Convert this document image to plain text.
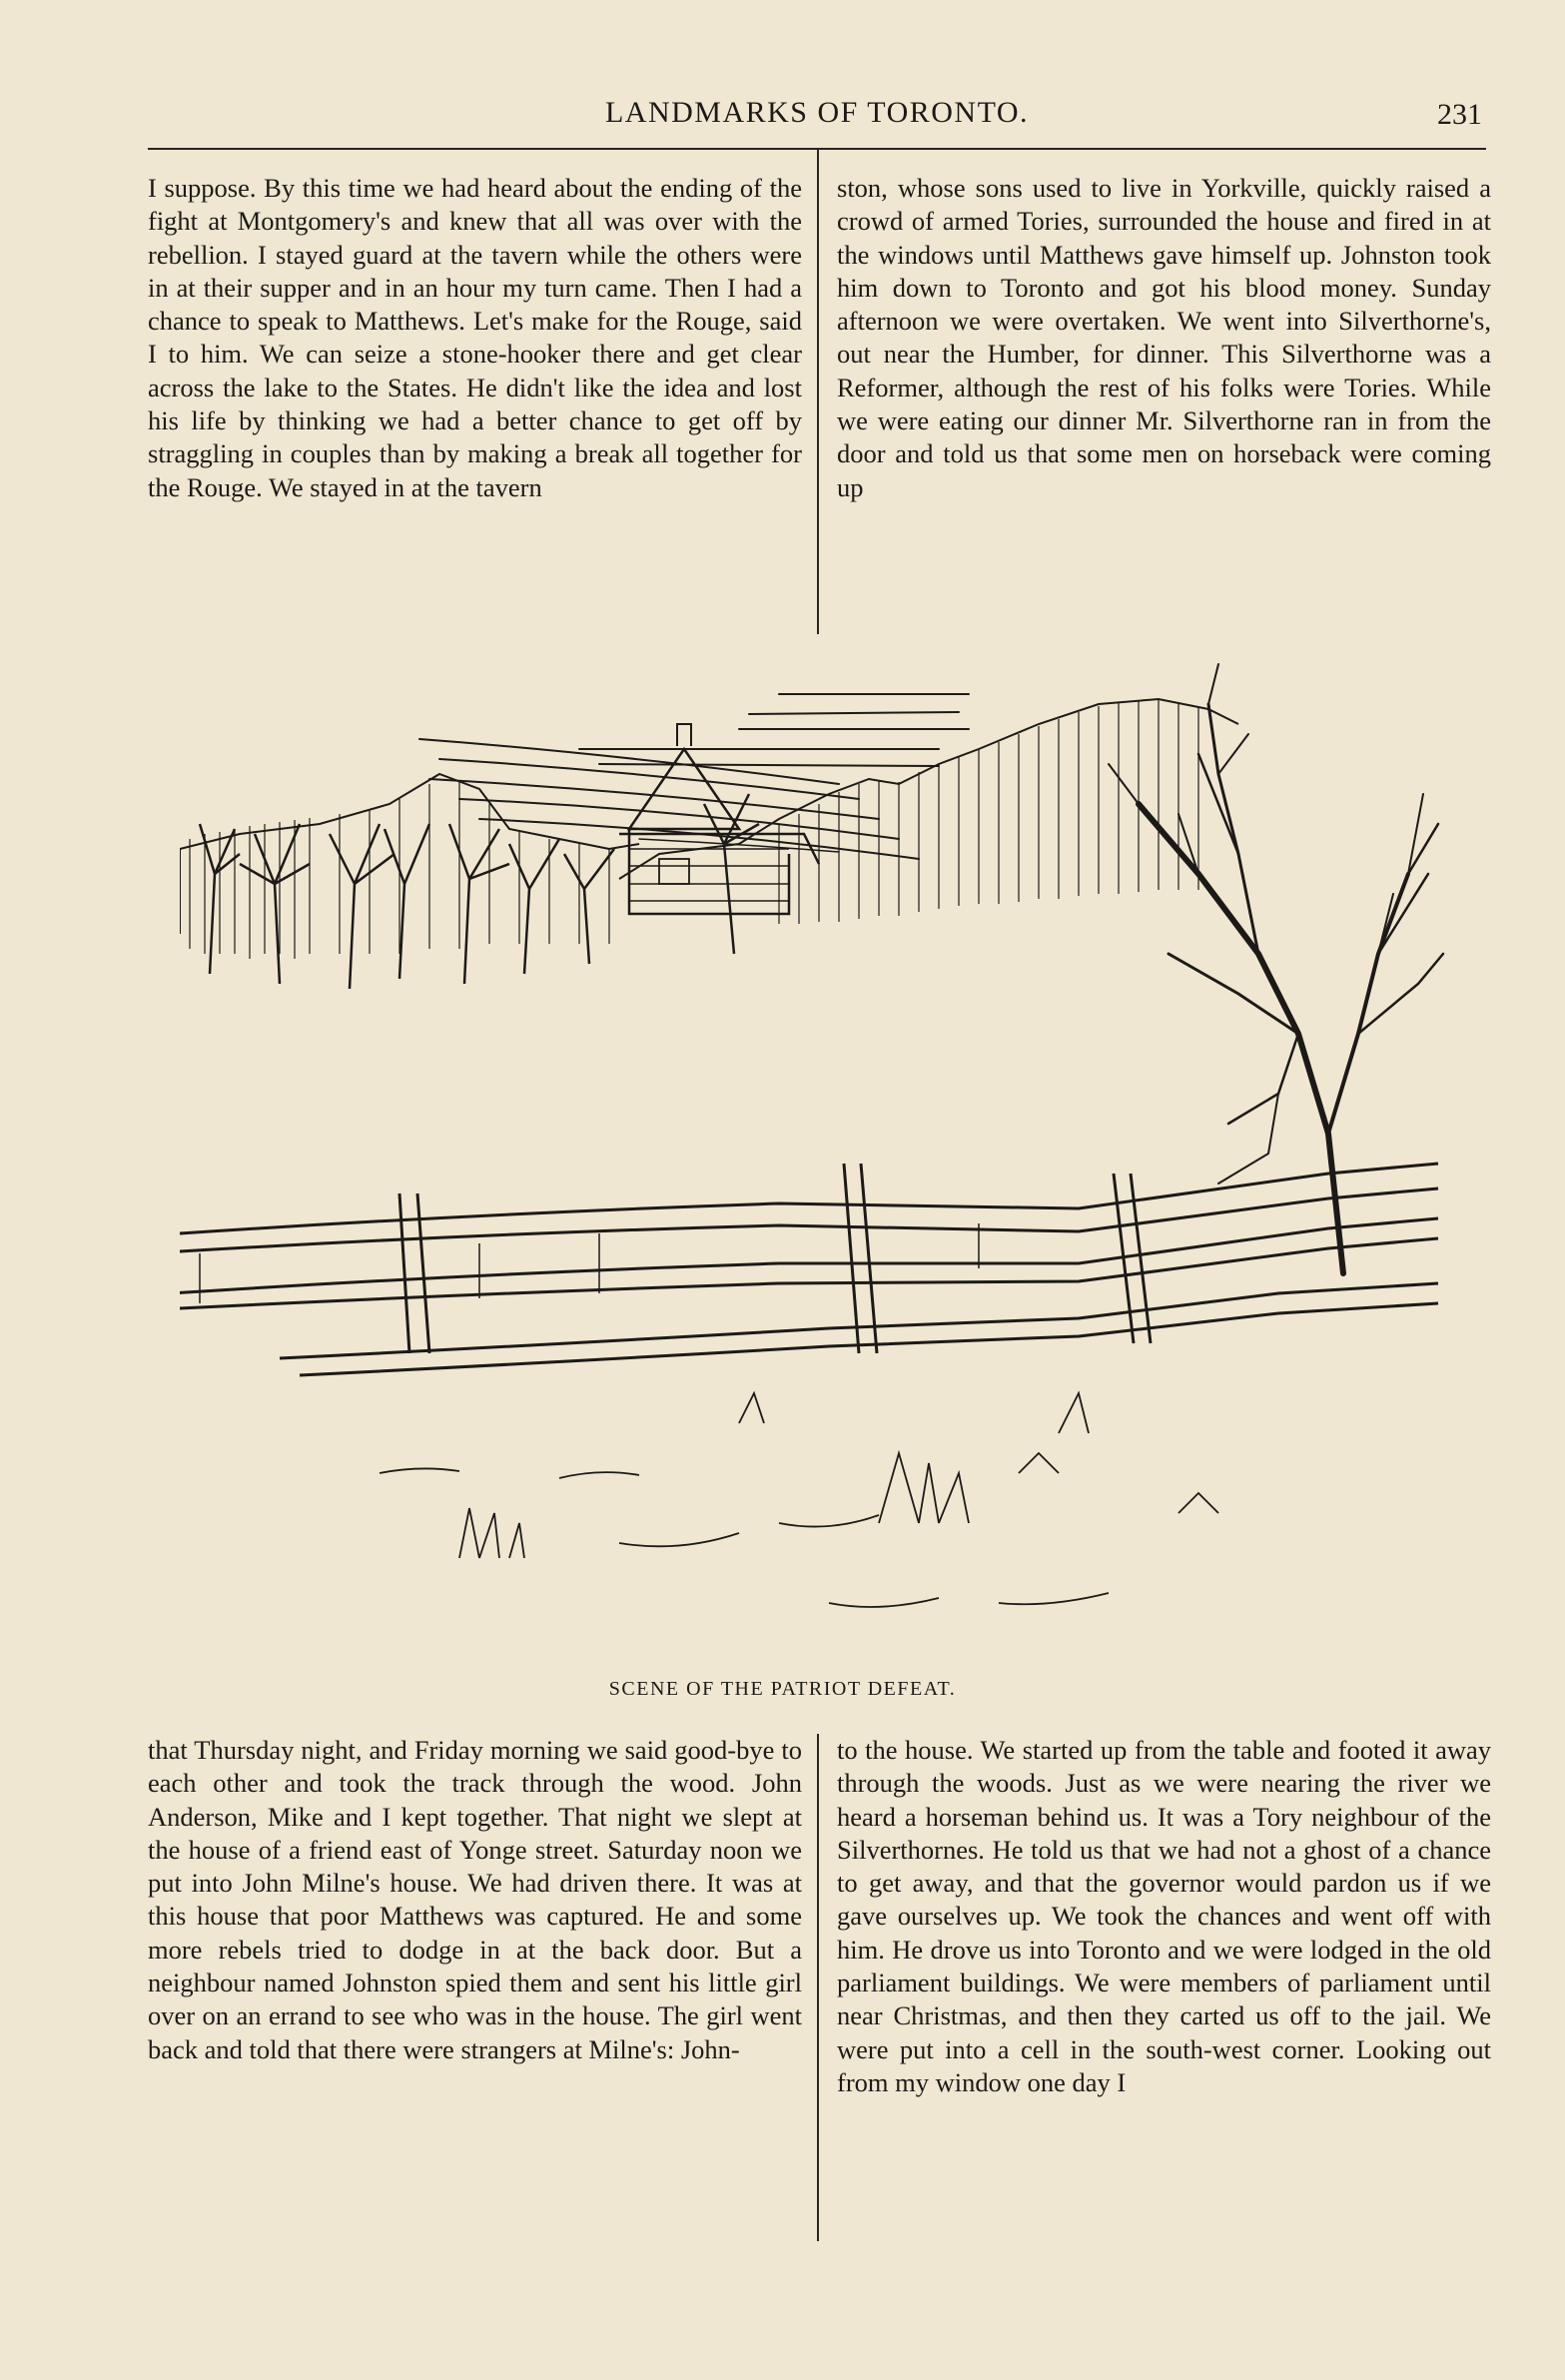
LANDMARKS OF TORONTO.	231

I suppose. By this time we had heard about the ending of the fight at Montgomery's and knew that all was over with the rebellion. I stayed guard at the tavern while the others were in at their supper and in an hour my turn came. Then I had a chance to speak to Matthews. Let's make for the Rouge, said I to him. We can seize a stone-hooker there and get clear across the lake to the States. He didn't like the idea and lost his life by thinking we had a better chance to get off by straggling in couples than by making a break all together for the Rouge. We stayed in at the tavern

ston, whose sons used to live in Yorkville, quickly raised a crowd of armed Tories, surrounded the house and fired in at the windows until Matthews gave himself up. Johnston took him down to Toronto and got his blood money. Sunday afternoon we were overtaken. We went into Silverthorne's, out near the Humber, for dinner. This Silverthorne was a Reformer, although the rest of his folks were Tories. While we were eating our dinner Mr. Silverthorne ran in from the door and told us that some men on horseback were coming up

SCENE OF THE PATRIOT DEFEAT.

that Thursday night, and Friday morning we said good-bye to each other and took the track through the wood. John Anderson, Mike and I kept together. That night we slept at the house of a friend east of Yonge street. Saturday noon we put into John Milne's house. We had driven there. It was at this house that poor Matthews was captured. He and some more rebels tried to dodge in at the back door. But a neighbour named Johnston spied them and sent his little girl over on an errand to see who was in the house. The girl went back and told that there were strangers at Milne's: John-

to the house. We started up from the table and footed it away through the woods. Just as we were nearing the river we heard a horseman behind us. It was a Tory neighbour of the Silverthornes. He told us that we had not a ghost of a chance to get away, and that the governor would pardon us if we gave ourselves up. We took the chances and went off with him. He drove us into Toronto and we were lodged in the old parliament buildings. We were members of parliament until near Christmas, and then they carted us off to the jail. We were put into a cell in the south-west corner. Looking out from my window one day I
